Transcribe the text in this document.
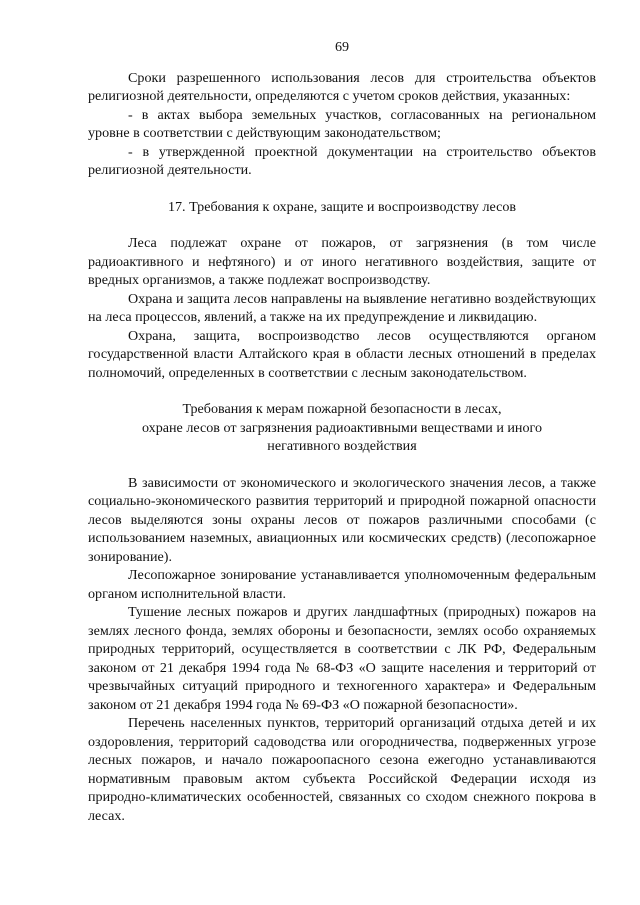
69

Сроки разрешенного использования лесов для строительства объектов религиозной деятельности, определяются с учетом сроков действия, указанных:

- в актах выбора земельных участков, согласованных на региональном уровне в соответствии с действующим законодательством;

- в утвержденной проектной документации на строительство объектов религиозной деятельности.

17. Требования к охране, защите и воспроизводству лесов

Леса подлежат охране от пожаров, от загрязнения (в том числе радиоактивного и нефтяного) и от иного негативного воздействия, защите от вредных организмов, а также подлежат воспроизводству.

Охрана и защита лесов направлены на выявление негативно воздействующих на леса процессов, явлений, а также на их предупреждение и ликвидацию.

Охрана, защита, воспроизводство лесов осуществляются органом государственной власти Алтайского края в области лесных отношений в пределах полномочий, определенных в соответствии с лесным законодательством.

Требования к мерам пожарной безопасности в лесах,
охране лесов от загрязнения радиоактивными веществами и иного
негативного воздействия

В зависимости от экономического и экологического значения лесов, а также социально-экономического развития территорий и природной пожарной опасности лесов выделяются зоны охраны лесов от пожаров различными способами (с использованием наземных, авиационных или космических средств) (лесопожарное зонирование).

Лесопожарное зонирование устанавливается уполномоченным федеральным органом исполнительной власти.

Тушение лесных пожаров и других ландшафтных (природных) пожаров на землях лесного фонда, землях обороны и безопасности, землях особо охраняемых природных территорий, осуществляется в соответствии с ЛК РФ, Федеральным законом от 21 декабря 1994 года № 68-ФЗ «О защите населения и территорий от чрезвычайных ситуаций природного и техногенного характера» и Федеральным законом от 21 декабря 1994 года № 69-ФЗ «О пожарной безопасности».

Перечень населенных пунктов, территорий организаций отдыха детей и их оздоровления, территорий садоводства или огородничества, подверженных угрозе лесных пожаров, и начало пожароопасного сезона ежегодно устанавливаются нормативным правовым актом субъекта Российской Федерации исходя из природно-климатических особенностей, связанных со сходом снежного покрова в лесах.
